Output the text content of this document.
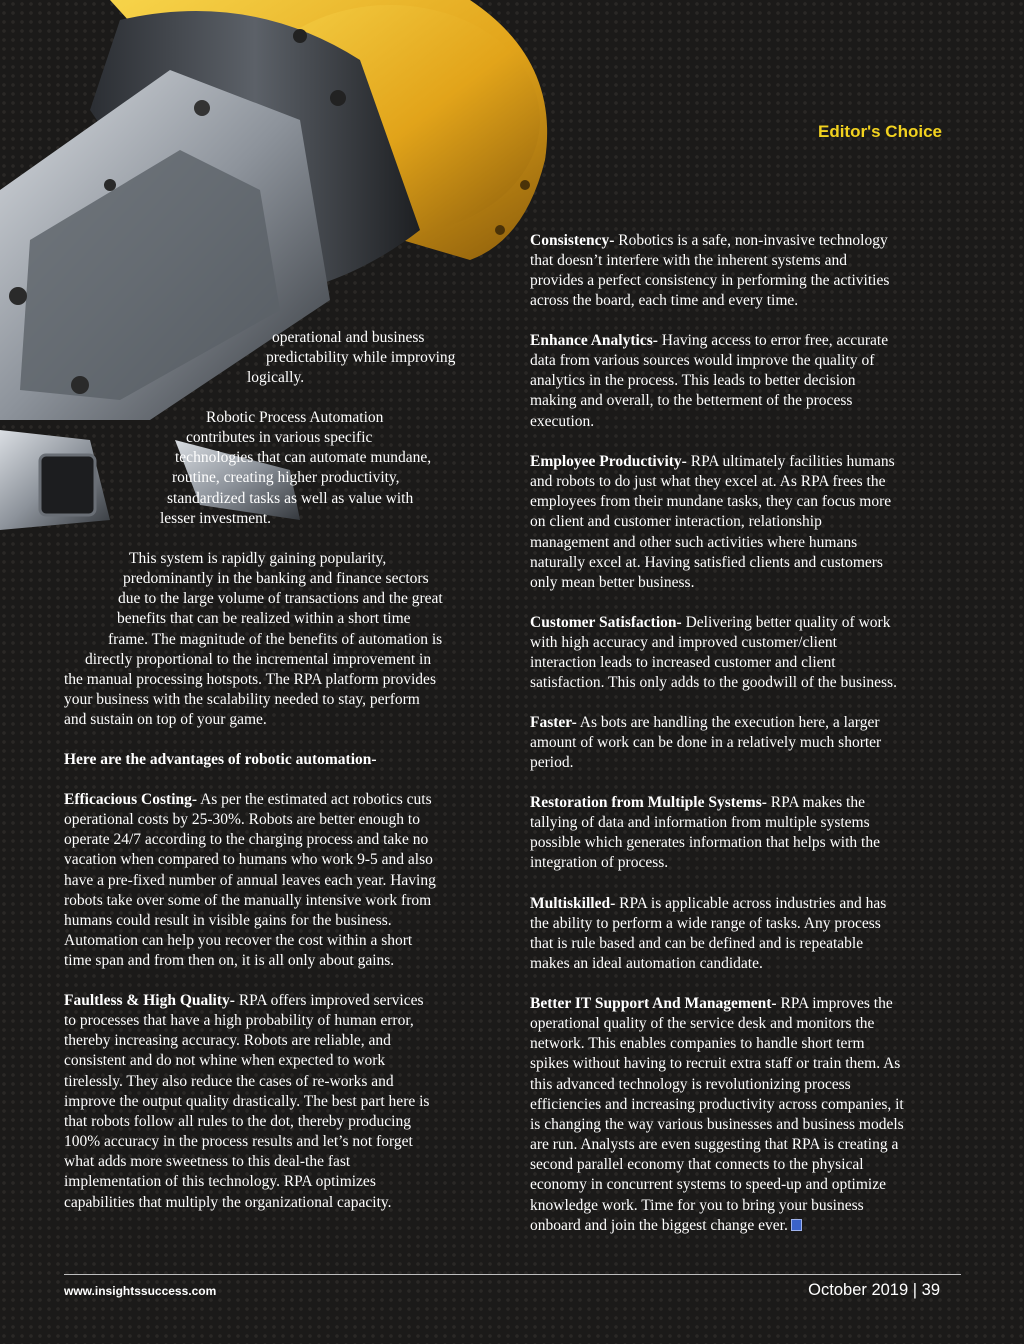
Editor's Choice
operational and business
predictability while improving
logically.
Robotic Process Automation
contributes in various specific
technologies that can automate mundane,
routine, creating higher productivity,
standardized tasks as well as value with
lesser investment.
This system is rapidly gaining popularity,
predominantly in the banking and finance sectors
due to the large volume of transactions and the great
benefits that can be realized within a short time
frame. The magnitude of the benefits of automation is
directly proportional to the incremental improvement in
the manual processing hotspots. The RPA platform provides
your business with the scalability needed to stay, perform
and sustain on top of your game.
Here are the advantages of robotic automation-
Efficacious Costing- As per the estimated act robotics cuts
operational costs by 25-30%. Robots are better enough to
operate 24/7 according to the charging process and take no
vacation when compared to humans who work 9-5 and also
have a pre-fixed number of annual leaves each year. Having
robots take over some of the manually intensive work from
humans could result in visible gains for the business.
Automation can help you recover the cost within a short
time span and from then on, it is all only about gains.
Faultless & High Quality- RPA offers improved services
to processes that have a high probability of human error,
thereby increasing accuracy. Robots are reliable, and
consistent and do not whine when expected to work
tirelessly. They also reduce the cases of re-works and
improve the output quality drastically. The best part here is
that robots follow all rules to the dot, thereby producing
100% accuracy in the process results and let’s not forget
what adds more sweetness to this deal-the fast
implementation of this technology. RPA optimizes
capabilities that multiply the organizational capacity.
Consistency- Robotics is a safe, non-invasive technology
that doesn’t interfere with the inherent systems and
provides a perfect consistency in performing the activities
across the board, each time and every time.
Enhance Analytics- Having access to error free, accurate
data from various sources would improve the quality of
analytics in the process. This leads to better decision
making and overall, to the betterment of the process
execution.
Employee Productivity- RPA ultimately facilities humans
and robots to do just what they excel at. As RPA frees the
employees from their mundane tasks, they can focus more
on client and customer interaction, relationship
management and other such activities where humans
naturally excel at. Having satisfied clients and customers
only mean better business.
Customer Satisfaction- Delivering better quality of work
with high accuracy and improved customer/client
interaction leads to increased customer and client
satisfaction. This only adds to the goodwill of the business.
Faster- As bots are handling the execution here, a larger
amount of work can be done in a relatively much shorter
period.
Restoration from Multiple Systems- RPA makes the
tallying of data and information from multiple systems
possible which generates information that helps with the
integration of process.
Multiskilled- RPA is applicable across industries and has
the ability to perform a wide range of tasks. Any process
that is rule based and can be defined and is repeatable
makes an ideal automation candidate.
Better IT Support And Management- RPA improves the
operational quality of the service desk and monitors the
network. This enables companies to handle short term
spikes without having to recruit extra staff or train them. As
this advanced technology is revolutionizing process
efficiencies and increasing productivity across companies, it
is changing the way various businesses and business models
are run. Analysts are even suggesting that RPA is creating a
second parallel economy that connects to the physical
economy in concurrent systems to speed-up and optimize
knowledge work. Time for you to bring your business
onboard and join the biggest change ever.
www.insightssuccess.com	October 2019 | 39
